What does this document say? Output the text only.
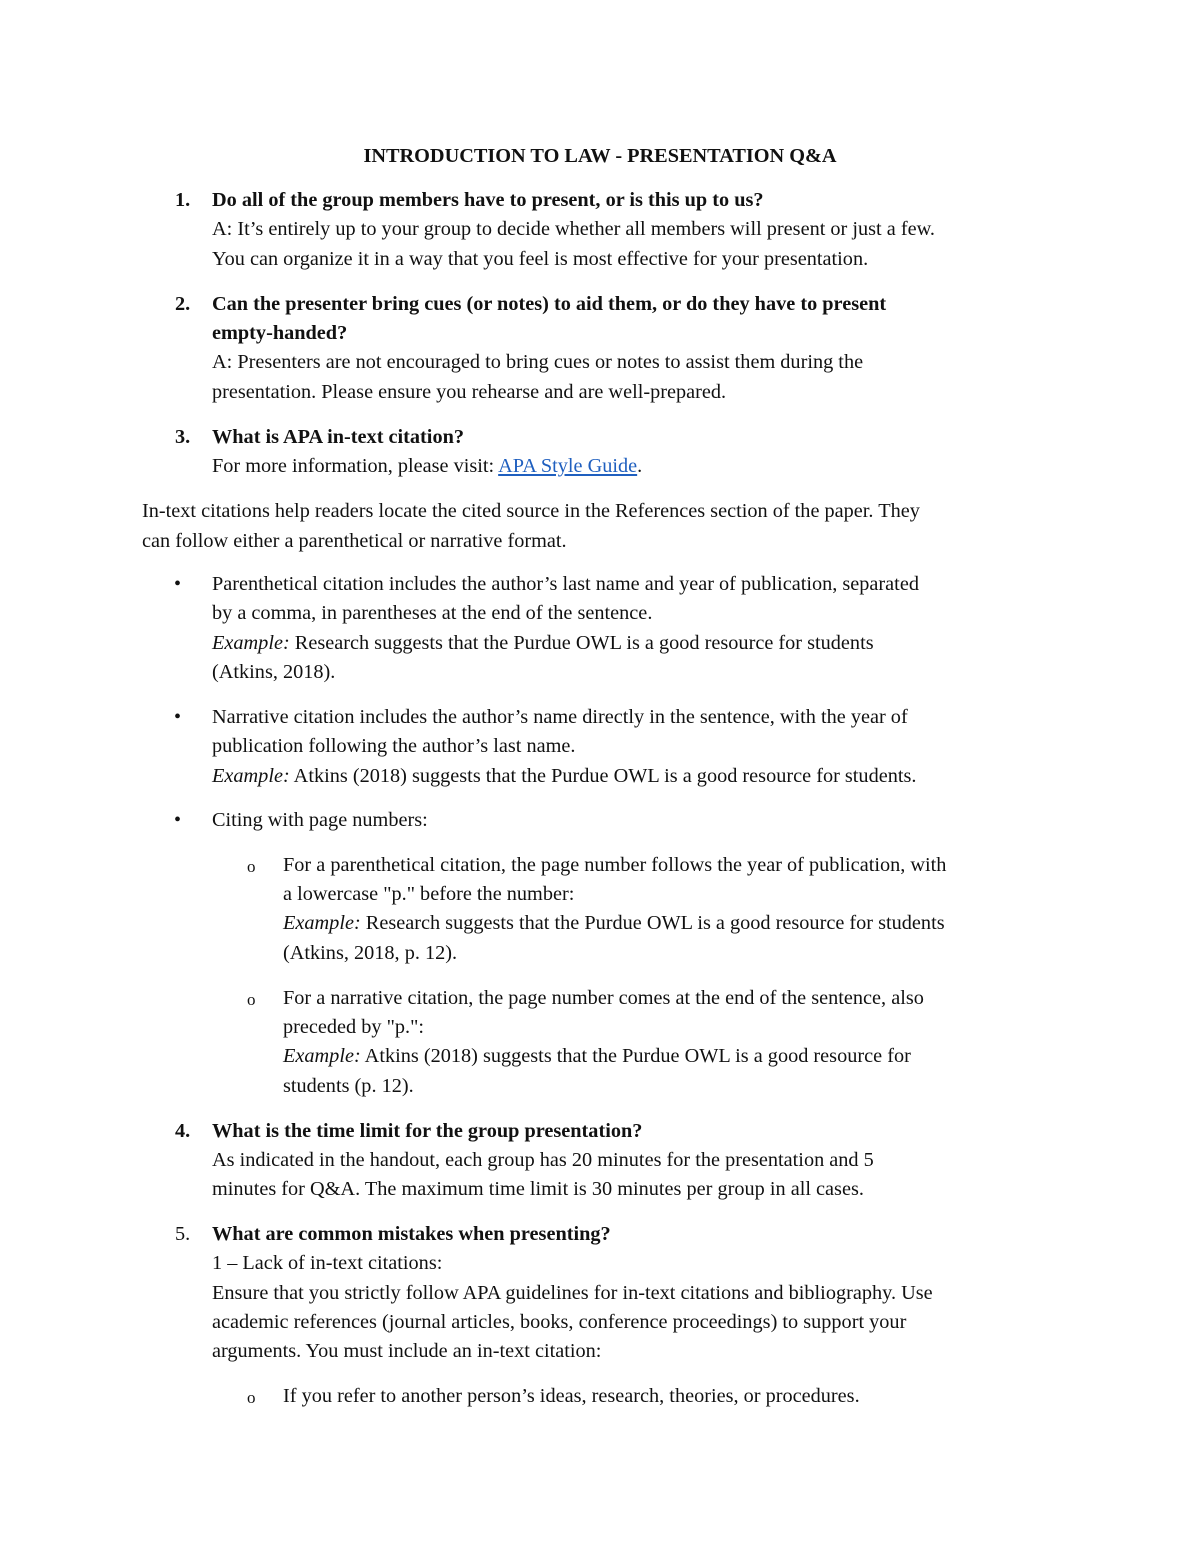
INTRODUCTION TO LAW - PRESENTATION Q&A
1. Do all of the group members have to present, or is this up to us?
A: It’s entirely up to your group to decide whether all members will present or just a few.
You can organize it in a way that you feel is most effective for your presentation.
2. Can the presenter bring cues (or notes) to aid them, or do they have to present
empty-handed?
A: Presenters are not encouraged to bring cues or notes to assist them during the
presentation. Please ensure you rehearse and are well-prepared.
3. What is APA in-text citation?
For more information, please visit: APA Style Guide.
In-text citations help readers locate the cited source in the References section of the paper. They
can follow either a parenthetical or narrative format.
• Parenthetical citation includes the author’s last name and year of publication, separated
by a comma, in parentheses at the end of the sentence.
Example: Research suggests that the Purdue OWL is a good resource for students
(Atkins, 2018).
• Narrative citation includes the author’s name directly in the sentence, with the year of
publication following the author’s last name.
Example: Atkins (2018) suggests that the Purdue OWL is a good resource for students.
• Citing with page numbers:
o For a parenthetical citation, the page number follows the year of publication, with
a lowercase "p." before the number:
Example: Research suggests that the Purdue OWL is a good resource for students
(Atkins, 2018, p. 12).
o For a narrative citation, the page number comes at the end of the sentence, also
preceded by "p.":
Example: Atkins (2018) suggests that the Purdue OWL is a good resource for
students (p. 12).
4. What is the time limit for the group presentation?
As indicated in the handout, each group has 20 minutes for the presentation and 5
minutes for Q&A. The maximum time limit is 30 minutes per group in all cases.
5. What are common mistakes when presenting?
1 – Lack of in-text citations:
Ensure that you strictly follow APA guidelines for in-text citations and bibliography. Use
academic references (journal articles, books, conference proceedings) to support your
arguments. You must include an in-text citation:
o If you refer to another person’s ideas, research, theories, or procedures.
